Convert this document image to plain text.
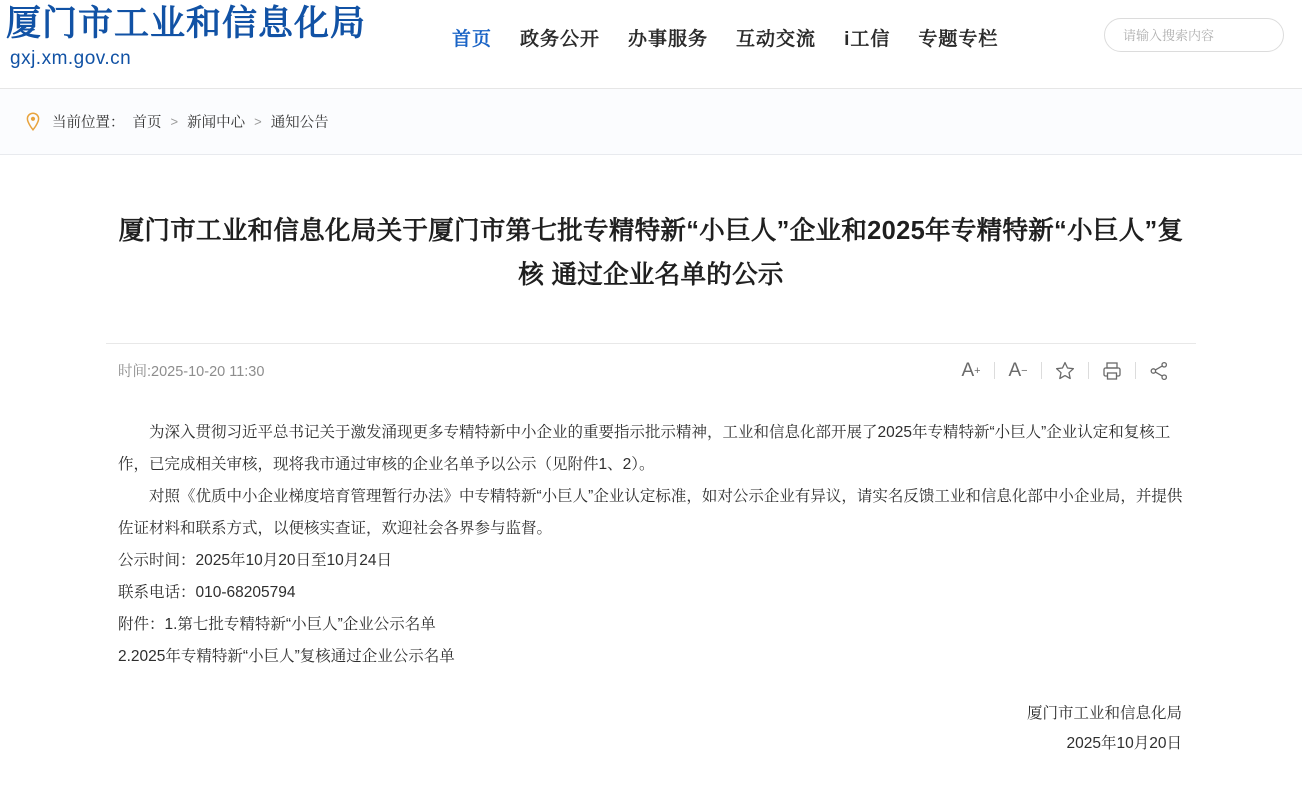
厦门市工业和信息化局
gxj.xm.gov.cn
首页 政务公开 办事服务 互动交流 i工信 专题专栏
请输入搜索内容
当前位置： 首页 > 新闻中心 > 通知公告
厦门市工业和信息化局关于厦门市第七批专精特新“小巨人”企业和2025年专精特新“小巨人”复核 通过企业名单的公示
时间:2025-10-20 11:30	A +	A −

为深入贯彻习近平总书记关于激发涌现更多专精特新中小企业的重要指示批示精神，工业和信息化部开展了2025年专精特新“小巨人”企业认定和复核工作，已完成相关审核，现将我市通过审核的企业名单予以公示（见附件1、2）。

对照《优质中小企业梯度培育管理暂行办法》中专精特新“小巨人”企业认定标准，如对公示企业有异议，请实名反馈工业和信息化部中小企业局，并提供佐证材料和联系方式，以便核实查证，欢迎社会各界参与监督。

公示时间：2025年10月20日至10月24日

联系电话：010-68205794

附件：1.第七批专精特新“小巨人”企业公示名单

2.2025年专精特新“小巨人”复核通过企业公示名单

厦门市工业和信息化局
2025年10月20日
